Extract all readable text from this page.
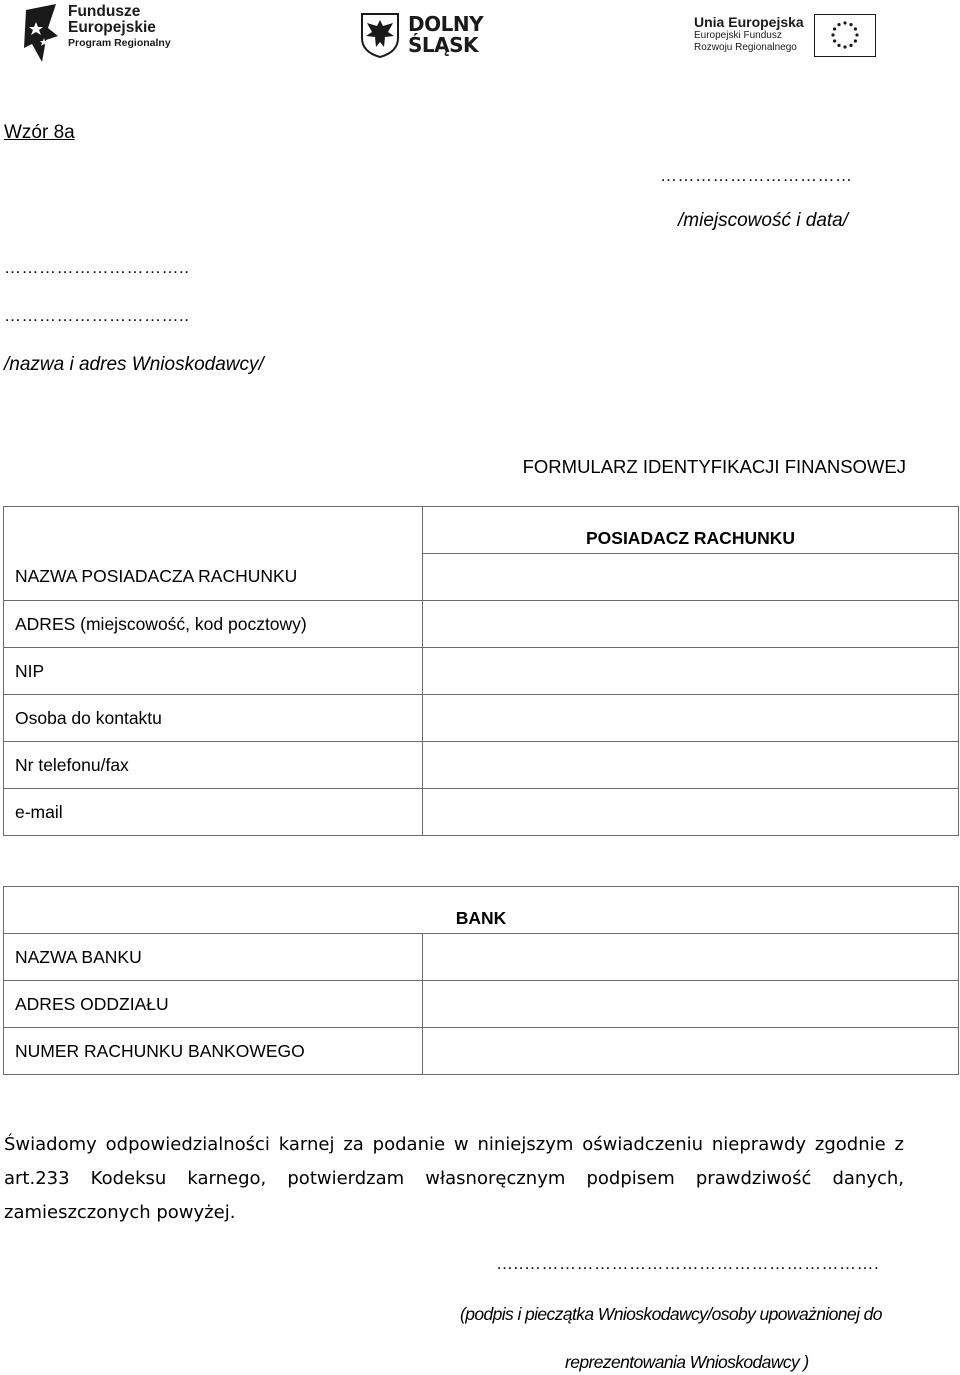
Fundusze
Europejskie
Program Regionalny
DOLNY
ŚLĄSK
Unia Europejska
Europejski Fundusz
Rozwoju Regionalnego
Wzór 8a
……………………………
/miejscowość i data/
…………………………..
…………………………..
/nazwa i adres Wnioskodawcy/
FORMULARZ IDENTYFIKACJI FINANSOWEJ
	POSIADACZ RACHUNKU
NAZWA POSIADACZA RACHUNKU	
ADRES (miejscowość, kod pocztowy)	
NIP	
Osoba do kontaktu	
Nr telefonu/fax	
e-mail	
BANK	
NAZWA BANKU	
ADRES ODDZIAŁU	
NUMER RACHUNKU BANKOWEGO	
Świadomy odpowiedzialności karnej za podanie w niniejszym oświadczeniu nieprawdy zgodnie z art.233 Kodeksu karnego, potwierdzam własnoręcznym podpisem prawdziwość danych, zamieszczonych powyżej.
…..…………………………………………………….
(podpis i pieczątka Wnioskodawcy/osoby upoważnionej do
reprezentowania Wnioskodawcy )
